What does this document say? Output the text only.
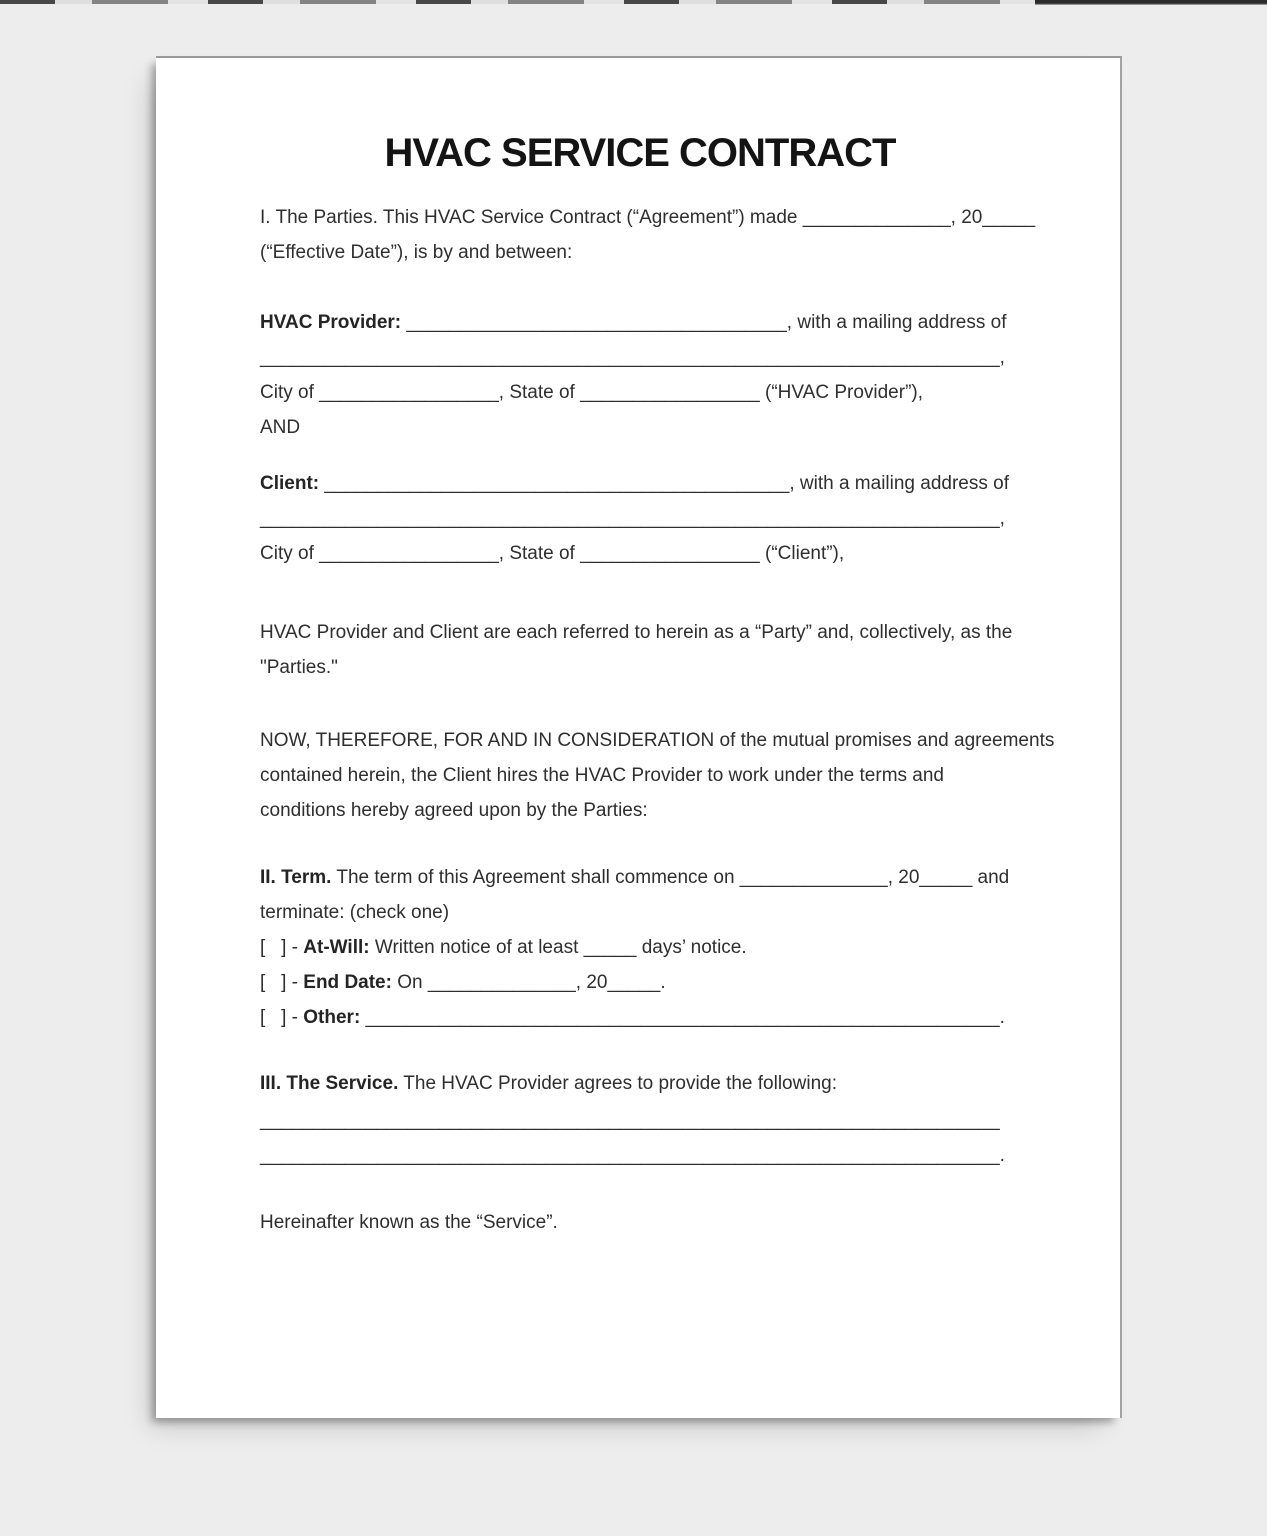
HVAC SERVICE CONTRACT
I. The Parties. This HVAC Service Contract (“Agreement”) made ______________, 20_____
(“Effective Date”), is by and between:
HVAC Provider: ____________________________________, with a mailing address of
______________________________________________________________________,
City of _________________, State of _________________ (“HVAC Provider”),
AND
Client: ____________________________________________, with a mailing address of
______________________________________________________________________,
City of _________________, State of _________________ (“Client”),
HVAC Provider and Client are each referred to herein as a “Party” and, collectively, as the
"Parties."
NOW, THEREFORE, FOR AND IN CONSIDERATION of the mutual promises and agreements
contained herein, the Client hires the HVAC Provider to work under the terms and
conditions hereby agreed upon by the Parties:
II. Term. The term of this Agreement shall commence on ______________, 20_____ and
terminate: (check one)
[   ] - At-Will: Written notice of at least _____ days’ notice.
[   ] - End Date: On ______________, 20_____.
[   ] - Other: ____________________________________________________________.
III. The Service. The HVAC Provider agrees to provide the following:
______________________________________________________________________
______________________________________________________________________.
Hereinafter known as the “Service”.
